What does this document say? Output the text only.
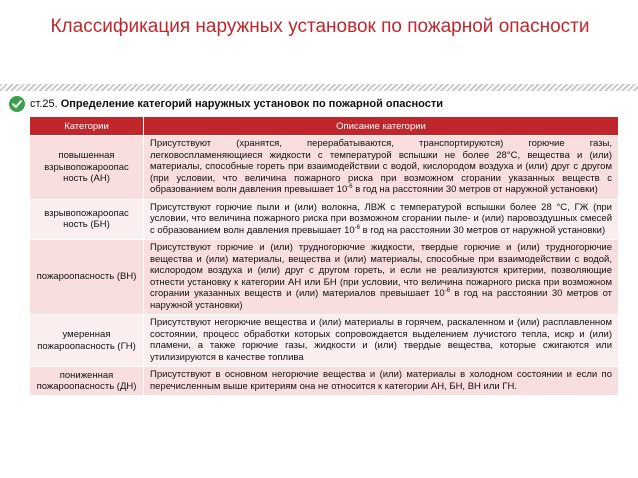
Классификация наружных установок по пожарной опасности
ст.25. Определение категорий наружных установок по пожарной опасности
Категории	Описание категории
повышенная взрывопожароопас ность (АН)	Присутствуют (хранятся, перерабатываются, транспортируются) горючие газы, легковоспламеняющиеся жидкости с температурой вспышки не более 28°С, вещества и (или) материалы, способные гореть при взаимодействии с водой, кислородом воздуха и (или) друг с другом (при условии, что величина пожарного риска при возможном сгорании указанных веществ с образованием волн давления превышает $10^{-6}$ в год на расстоянии 30 метров от наружной установки)
взрывопожароопас ность (БН)	Присутствуют горючие пыли и (или) волокна, ЛВЖ с температурой вспышки более 28 °С, ГЖ (при условии, что величина пожарного риска при возможном сгорании пыле- и (или) паровоздушных смесей с образованием волн давления превышает $10^{-6}$ в год на расстоянии 30 метров от наружной установки)
пожароопасность (ВН)	Присутствуют горючие и (или) трудногорючие жидкости, твердые горючие и (или) трудногорючие вещества и (или) материалы, вещества и (или) материалы, способные при взаимодействии с водой, кислородом воздуха и (или) друг с другом гореть, и если не реализуются критерии, позволяющие отнести установку к категории АН или БН (при условии, что величина пожарного риска при возможном сгорании указанных веществ и (или) материалов превышает $10^{-6}$ в год на расстоянии 30 метров от наружной установки)
умеренная пожароопасность (ГН)	Присутствуют негорючие вещества и (или) материалы в горячем, раскаленном и (или) расплавленном состоянии, процесс обработки которых сопровождается выделением лучистого тепла, искр и (или) пламени, а также горючие газы, жидкости и (или) твердые вещества, которые сжигаются или утилизируются в качестве топлива
пониженная пожароопасность (ДН)	Присутствуют в основном негорючие вещества и (или) материалы в холодном состоянии и если по перечисленным выше критериям она не относится к категории АН, БН, ВН или ГН.
